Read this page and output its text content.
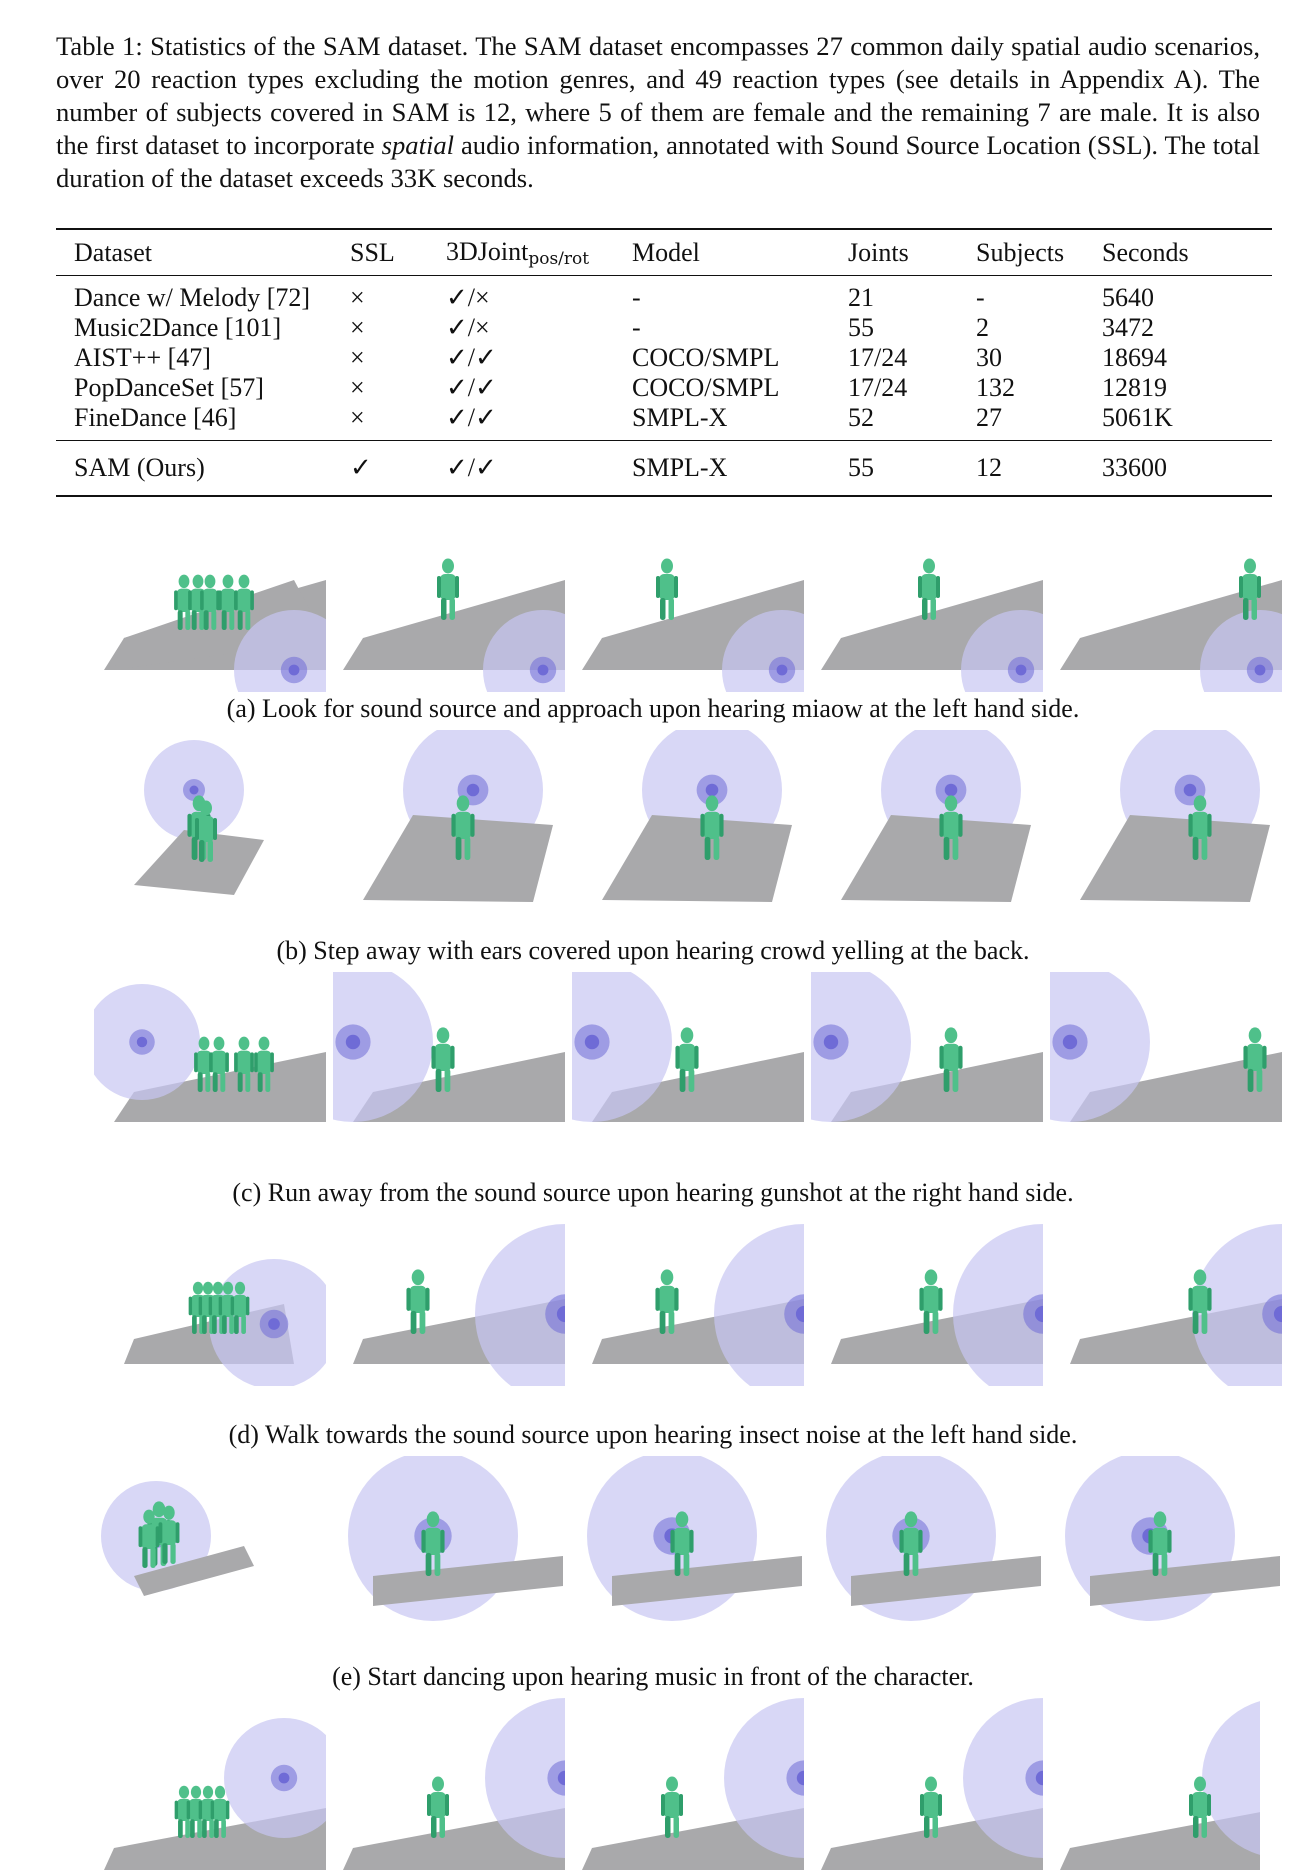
Table 1: Statistics of the SAM dataset. The SAM dataset encompasses 27 common daily spatial audio scenarios, over 20 reaction types excluding the motion genres, and 49 reaction types (see details in Appendix A). The number of subjects covered in SAM is 12, where 5 of them are female and the remaining 7 are male. It is also the first dataset to incorporate spatial audio information, annotated with Sound Source Location (SSL). The total duration of the dataset exceeds 33K seconds.
Dataset	SSL	3DJoint$_{pos/rot}$	Model	Joints	Subjects	Seconds
Dance w/ Melody [72]	×	✓/×	-	21	-	5640
Music2Dance [101]	×	✓/×	-	55	2	3472
AIST++ [47]	×	✓/✓	COCO/SMPL	17/24	30	18694
PopDanceSet [57]	×	✓/✓	COCO/SMPL	17/24	132	12819
FineDance [46]	×	✓/✓	SMPL-X	52	27	5061K
SAM (Ours)	✓	✓/✓	SMPL-X	55	12	33600
(a) Look for sound source and approach upon hearing miaow at the left hand side.
(b) Step away with ears covered upon hearing crowd yelling at the back.
(c) Run away from the sound source upon hearing gunshot at the right hand side.
(d) Walk towards the sound source upon hearing insect noise at the left hand side.
(e) Start dancing upon hearing music in front of the character.
